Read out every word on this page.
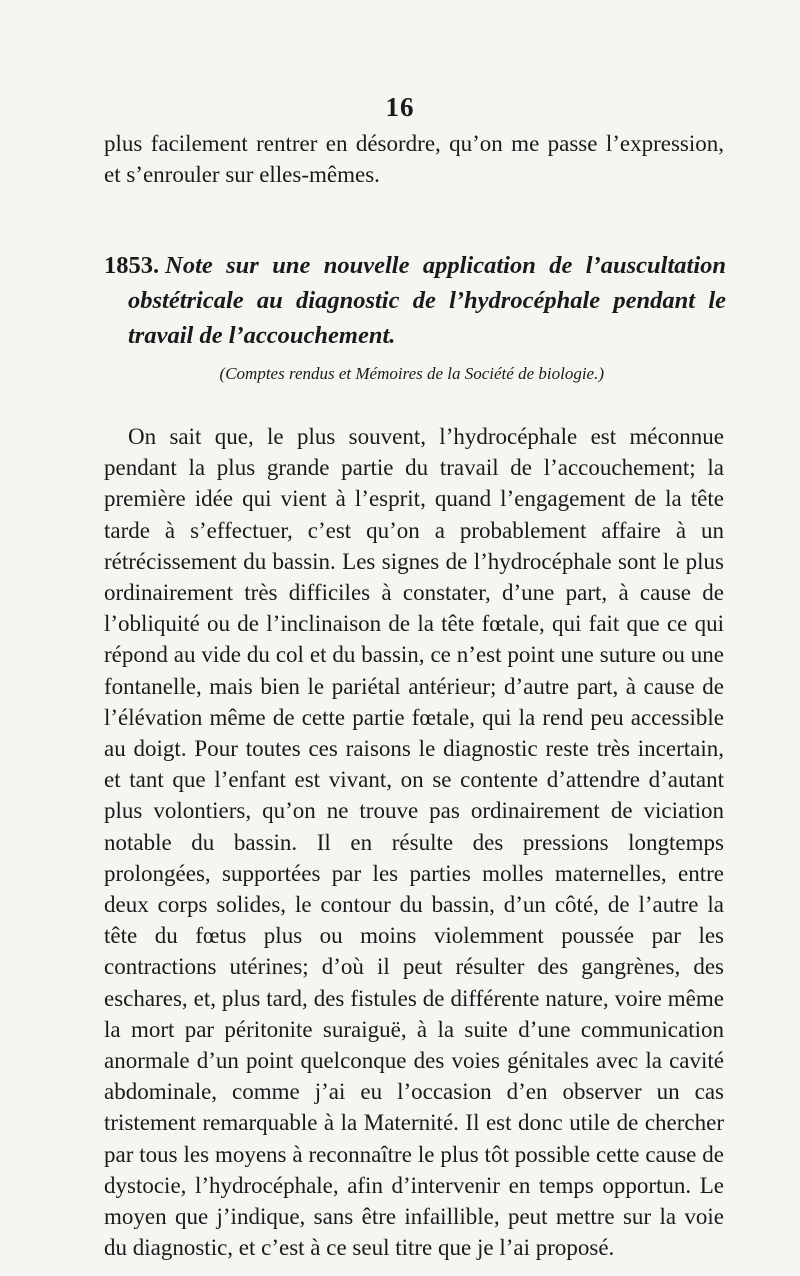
16

plus facilement rentrer en désordre, qu’on me passe l’expression, et s’enrouler sur elles-mêmes.

1853. Note sur une nouvelle application de l’auscultation obstétricale au diagnostic de l’hydrocéphale pendant le travail de l’accouchement.
(Comptes rendus et Mémoires de la Société de biologie.)

On sait que, le plus souvent, l’hydrocéphale est méconnue pendant la plus grande partie du travail de l’accouchement; la première idée qui vient à l’esprit, quand l’engagement de la tête tarde à s’effectuer, c’est qu’on a probablement affaire à un rétrécissement du bassin. Les signes de l’hydrocéphale sont le plus ordinairement très difficiles à constater, d’une part, à cause de l’obliquité ou de l’inclinaison de la tête fœtale, qui fait que ce qui répond au vide du col et du bassin, ce n’est point une suture ou une fontanelle, mais bien le pariétal antérieur; d’autre part, à cause de l’élévation même de cette partie fœtale, qui la rend peu accessible au doigt. Pour toutes ces raisons le diagnostic reste très incertain, et tant que l’enfant est vivant, on se contente d’attendre d’autant plus volontiers, qu’on ne trouve pas ordinairement de viciation notable du bassin. Il en résulte des pressions longtemps prolongées, supportées par les parties molles maternelles, entre deux corps solides, le contour du bassin, d’un côté, de l’autre la tête du fœtus plus ou moins violemment poussée par les contractions utérines; d’où il peut résulter des gangrènes, des eschares, et, plus tard, des fistules de différente nature, voire même la mort par péritonite suraiguë, à la suite d’une communication anormale d’un point quelconque des voies génitales avec la cavité abdominale, comme j’ai eu l’occasion d’en observer un cas tristement remarquable à la Maternité. Il est donc utile de chercher par tous les moyens à reconnaître le plus tôt possible cette cause de dystocie, l’hydrocéphale, afin d’intervenir en temps opportun. Le moyen que j’indique, sans être infaillible, peut mettre sur la voie du diagnostic, et c’est à ce seul titre que je l’ai proposé.
